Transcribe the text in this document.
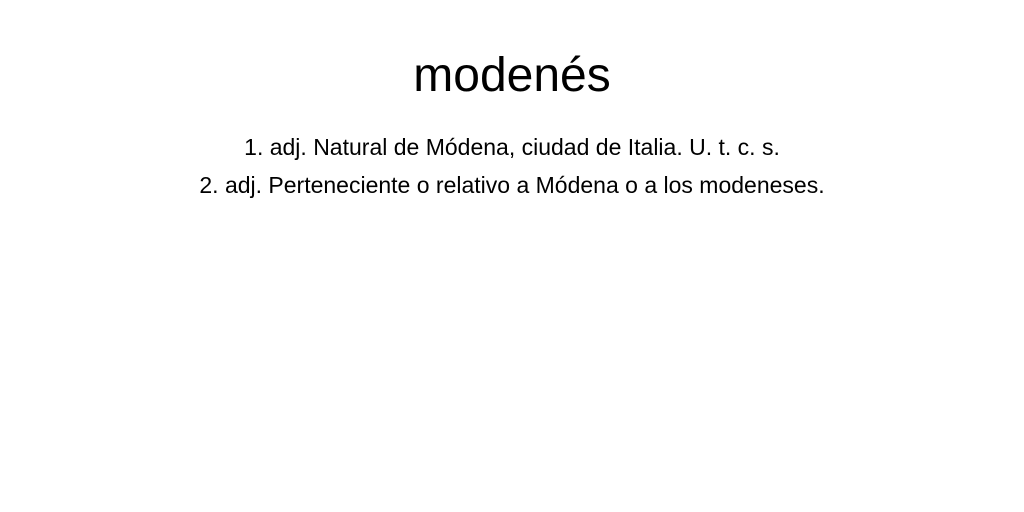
modenés
1. adj. Natural de Módena, ciudad de Italia. U. t. c. s.
2. adj. Perteneciente o relativo a Módena o a los modeneses.
